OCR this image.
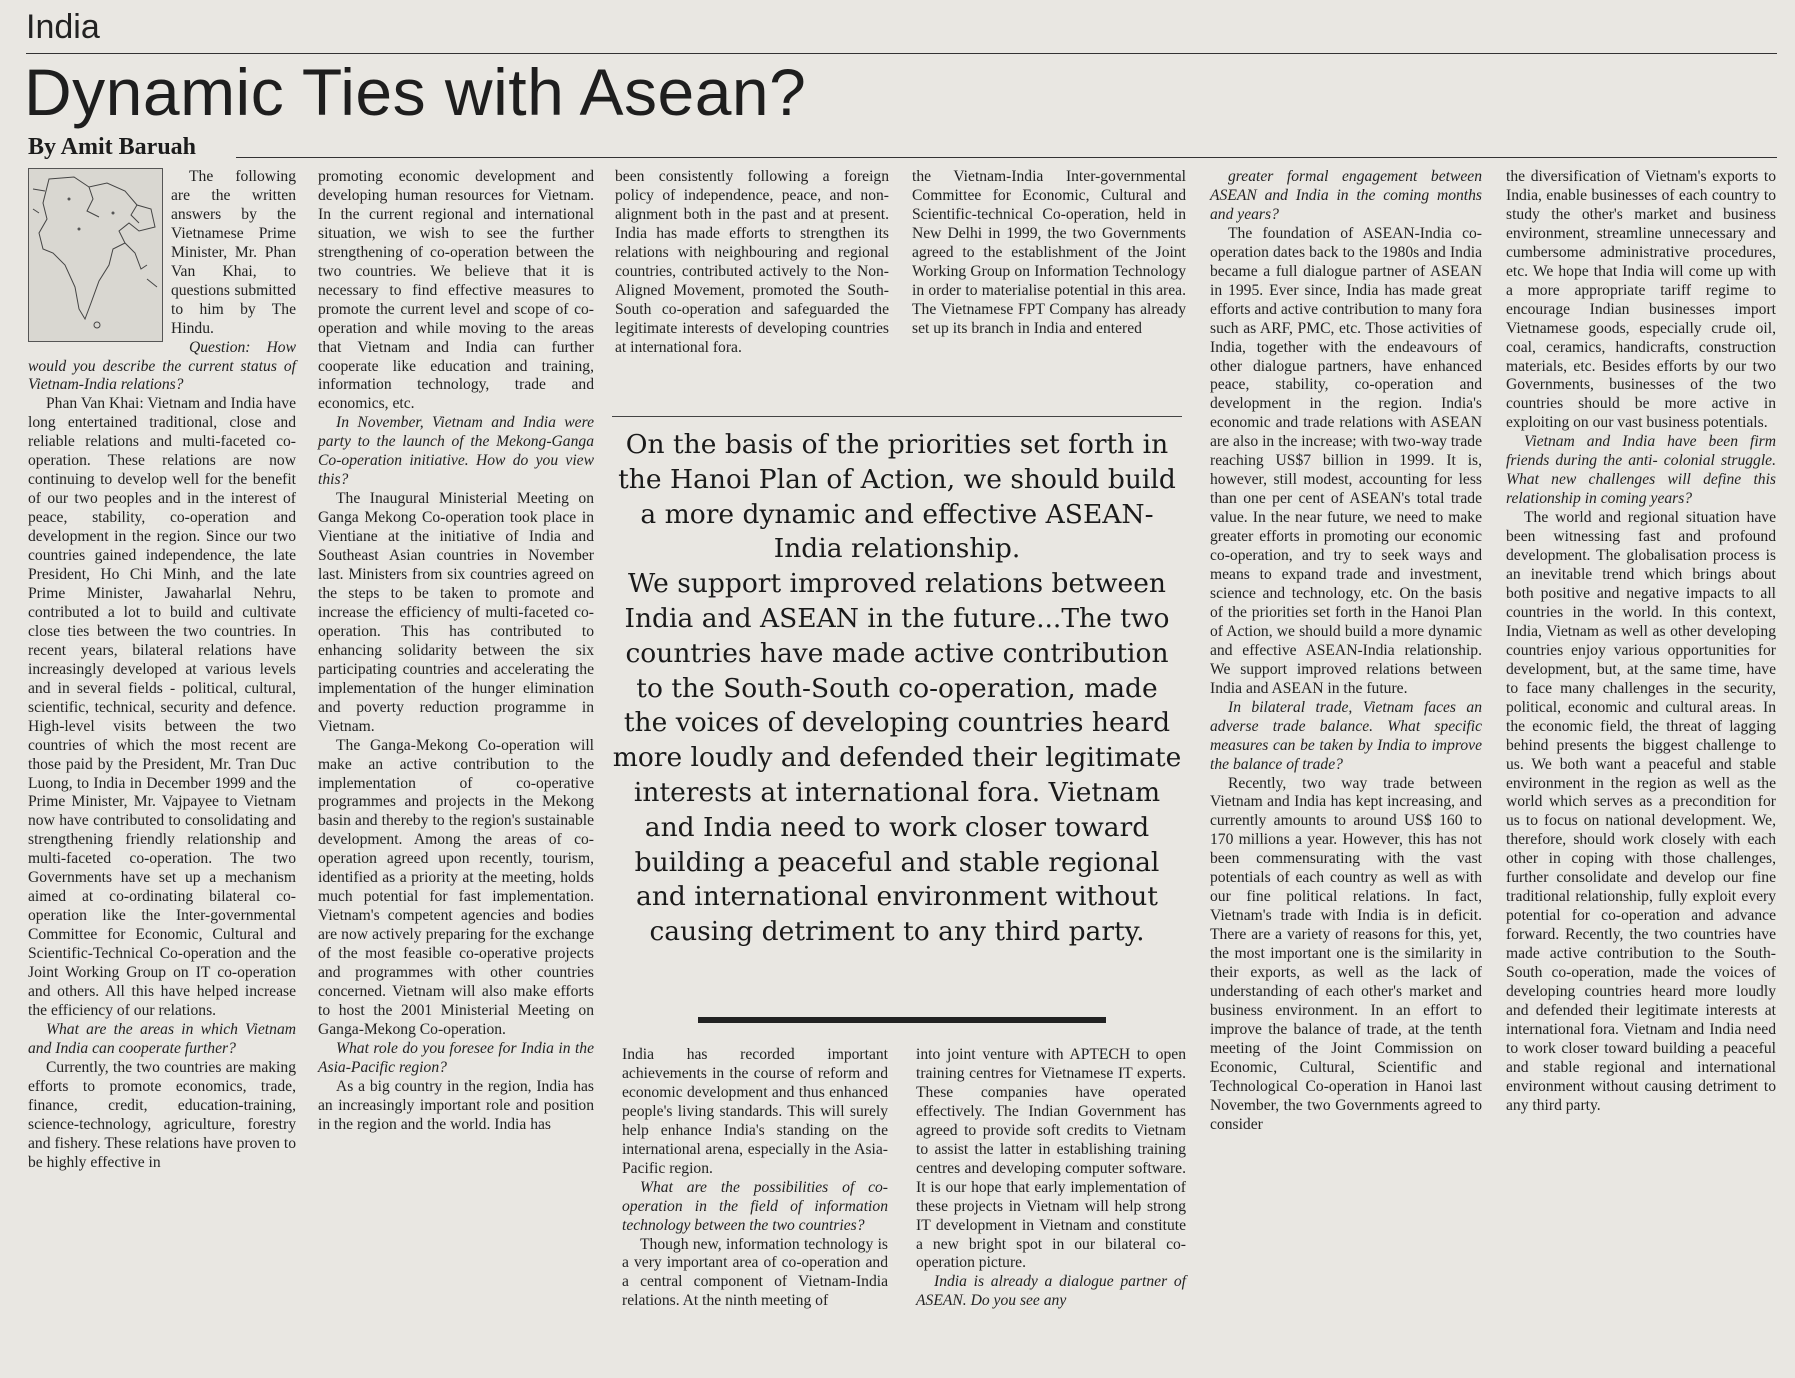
India
Dynamic Ties with Asean?
By Amit Baruah

The following are the written answers by the Vietnamese Prime Minister, Mr. Phan Van Khai, to questions submitted to him by The Hindu.

Question: How would you describe the current status of Vietnam-India relations?

Phan Van Khai: Vietnam and India have long entertained traditional, close and reliable relations and multi-faceted co-operation. These relations are now continuing to develop well for the benefit of our two peoples and in the interest of peace, stability, co-operation and development in the region. Since our two countries gained independence, the late President, Ho Chi Minh, and the late Prime Minister, Jawaharlal Nehru, contributed a lot to build and cultivate close ties between the two countries. In recent years, bilateral relations have increasingly developed at various levels and in several fields - political, cultural, scientific, technical, security and defence. High-level visits between the two countries of which the most recent are those paid by the President, Mr. Tran Duc Luong, to India in December 1999 and the Prime Minister, Mr. Vajpayee to Vietnam now have contributed to consolidating and strengthening friendly relationship and multi-faceted co-operation. The two Governments have set up a mechanism aimed at co-ordinating bilateral co-operation like the Inter-governmental Committee for Economic, Cultural and Scientific-Technical Co-operation and the Joint Working Group on IT co-operation and others. All this have helped increase the efficiency of our relations.

What are the areas in which Vietnam and India can cooperate further?

Currently, the two countries are making efforts to promote economics, trade, finance, credit, education-training, science-technology, agriculture, forestry and fishery. These relations have proven to be highly effective in

promoting economic development and developing human resources for Vietnam. In the current regional and international situation, we wish to see the further strengthening of co-operation between the two countries. We believe that it is necessary to find effective measures to promote the current level and scope of co-operation and while moving to the areas that Vietnam and India can further cooperate like education and training, information technology, trade and economics, etc.

In November, Vietnam and India were party to the launch of the Mekong-Ganga Co-operation initiative. How do you view this?

The Inaugural Ministerial Meeting on Ganga Mekong Co-operation took place in Vientiane at the initiative of India and Southeast Asian countries in November last. Ministers from six countries agreed on the steps to be taken to promote and increase the efficiency of multi-faceted co-operation. This has contributed to enhancing solidarity between the six participating countries and accelerating the implementation of the hunger elimination and poverty reduction programme in Vietnam.

The Ganga-Mekong Co-operation will make an active contribution to the implementation of co-operative programmes and projects in the Mekong basin and thereby to the region's sustainable development. Among the areas of co-operation agreed upon recently, tourism, identified as a priority at the meeting, holds much potential for fast implementation. Vietnam's competent agencies and bodies are now actively preparing for the exchange of the most feasible co-operative projects and programmes with other countries concerned. Vietnam will also make efforts to host the 2001 Ministerial Meeting on Ganga-Mekong Co-operation.

What role do you foresee for India in the Asia-Pacific region?

As a big country in the region, India has an increasingly important role and position in the region and the world. India has

been consistently following a foreign policy of independence, peace, and non- alignment both in the past and at present. India has made efforts to strengthen its relations with neighbouring and regional countries, contributed actively to the Non-Aligned Movement, promoted the South-South co-operation and safeguarded the legitimate interests of developing countries at international fora.

the Vietnam-India Inter-governmental Committee for Economic, Cultural and Scientific-technical Co-operation, held in New Delhi in 1999, the two Governments agreed to the establishment of the Joint Working Group on Information Technology in order to materialise potential in this area. The Vietnamese FPT Company has already set up its branch in India and entered

greater formal engagement between ASEAN and India in the coming months and years?

The foundation of ASEAN-India co-operation dates back to the 1980s and India became a full dialogue partner of ASEAN in 1995. Ever since, India has made great efforts and active contribution to many fora such as ARF, PMC, etc. Those activities of India, together with the endeavours of other dialogue partners, have enhanced peace, stability, co-operation and development in the region. India's economic and trade relations with ASEAN are also in the increase; with two-way trade reaching US$7 billion in 1999. It is, however, still modest, accounting for less than one per cent of ASEAN's total trade value. In the near future, we need to make greater efforts in promoting our economic co-operation, and try to seek ways and means to expand trade and investment, science and technology, etc. On the basis of the priorities set forth in the Hanoi Plan of Action, we should build a more dynamic and effective ASEAN-India relationship. We support improved relations between India and ASEAN in the future.

In bilateral trade, Vietnam faces an adverse trade balance. What specific measures can be taken by India to improve the balance of trade?

Recently, two way trade between Vietnam and India has kept increasing, and currently amounts to around US$ 160 to 170 millions a year. However, this has not been commensurating with the vast potentials of each country as well as with our fine political relations. In fact, Vietnam's trade with India is in deficit. There are a variety of reasons for this, yet, the most important one is the similarity in their exports, as well as the lack of understanding of each other's market and business environment. In an effort to improve the balance of trade, at the tenth meeting of the Joint Commission on Economic, Cultural, Scientific and Technological Co-operation in Hanoi last November, the two Governments agreed to consider

the diversification of Vietnam's exports to India, enable businesses of each country to study the other's market and business environment, streamline unnecessary and cumbersome administrative procedures, etc. We hope that India will come up with a more appropriate tariff regime to encourage Indian businesses import Vietnamese goods, especially crude oil, coal, ceramics, handicrafts, construction materials, etc. Besides efforts by our two Governments, businesses of the two countries should be more active in exploiting on our vast business potentials.

Vietnam and India have been firm friends during the anti- colonial struggle. What new challenges will define this relationship in coming years?

The world and regional situation have been witnessing fast and profound development. The globalisation process is an inevitable trend which brings about both positive and negative impacts to all countries in the world. In this context, India, Vietnam as well as other developing countries enjoy various opportunities for development, but, at the same time, have to face many challenges in the security, political, economic and cultural areas. In the economic field, the threat of lagging behind presents the biggest challenge to us. We both want a peaceful and stable environment in the region as well as the world which serves as a precondition for us to focus on national development. We, therefore, should work closely with each other in coping with those challenges, further consolidate and develop our fine traditional relationship, fully exploit every potential for co-operation and advance forward. Recently, the two countries have made active contribution to the South-South co-operation, made the voices of developing countries heard more loudly and defended their legitimate interests at international fora. Vietnam and India need to work closer toward building a peaceful and stable regional and international environment without causing detriment to any third party.

India has recorded important achievements in the course of reform and economic development and thus enhanced people's living standards. This will surely help enhance India's standing on the international arena, especially in the Asia-Pacific region.

What are the possibilities of co-operation in the field of information technology between the two countries?

Though new, information technology is a very important area of co-operation and a central component of Vietnam-India relations. At the ninth meeting of

into joint venture with APTECH to open training centres for Vietnamese IT experts. These companies have operated effectively. The Indian Government has agreed to provide soft credits to Vietnam to assist the latter in establishing training centres and developing computer software. It is our hope that early implementation of these projects in Vietnam will help strong IT development in Vietnam and constitute a new bright spot in our bilateral co-operation picture.

India is already a dialogue partner of ASEAN. Do you see any

On the basis of the priorities set forth in the Hanoi Plan of Action, we should build a more dynamic and effective ASEAN-India relationship.

We support improved relations between India and ASEAN in the future...The two countries have made active contribution to the South-South co-operation, made the voices of developing countries heard more loudly and defended their legitimate interests at international fora. Vietnam and India need to work closer toward building a peaceful and stable regional and international environment without causing detriment to any third party.
